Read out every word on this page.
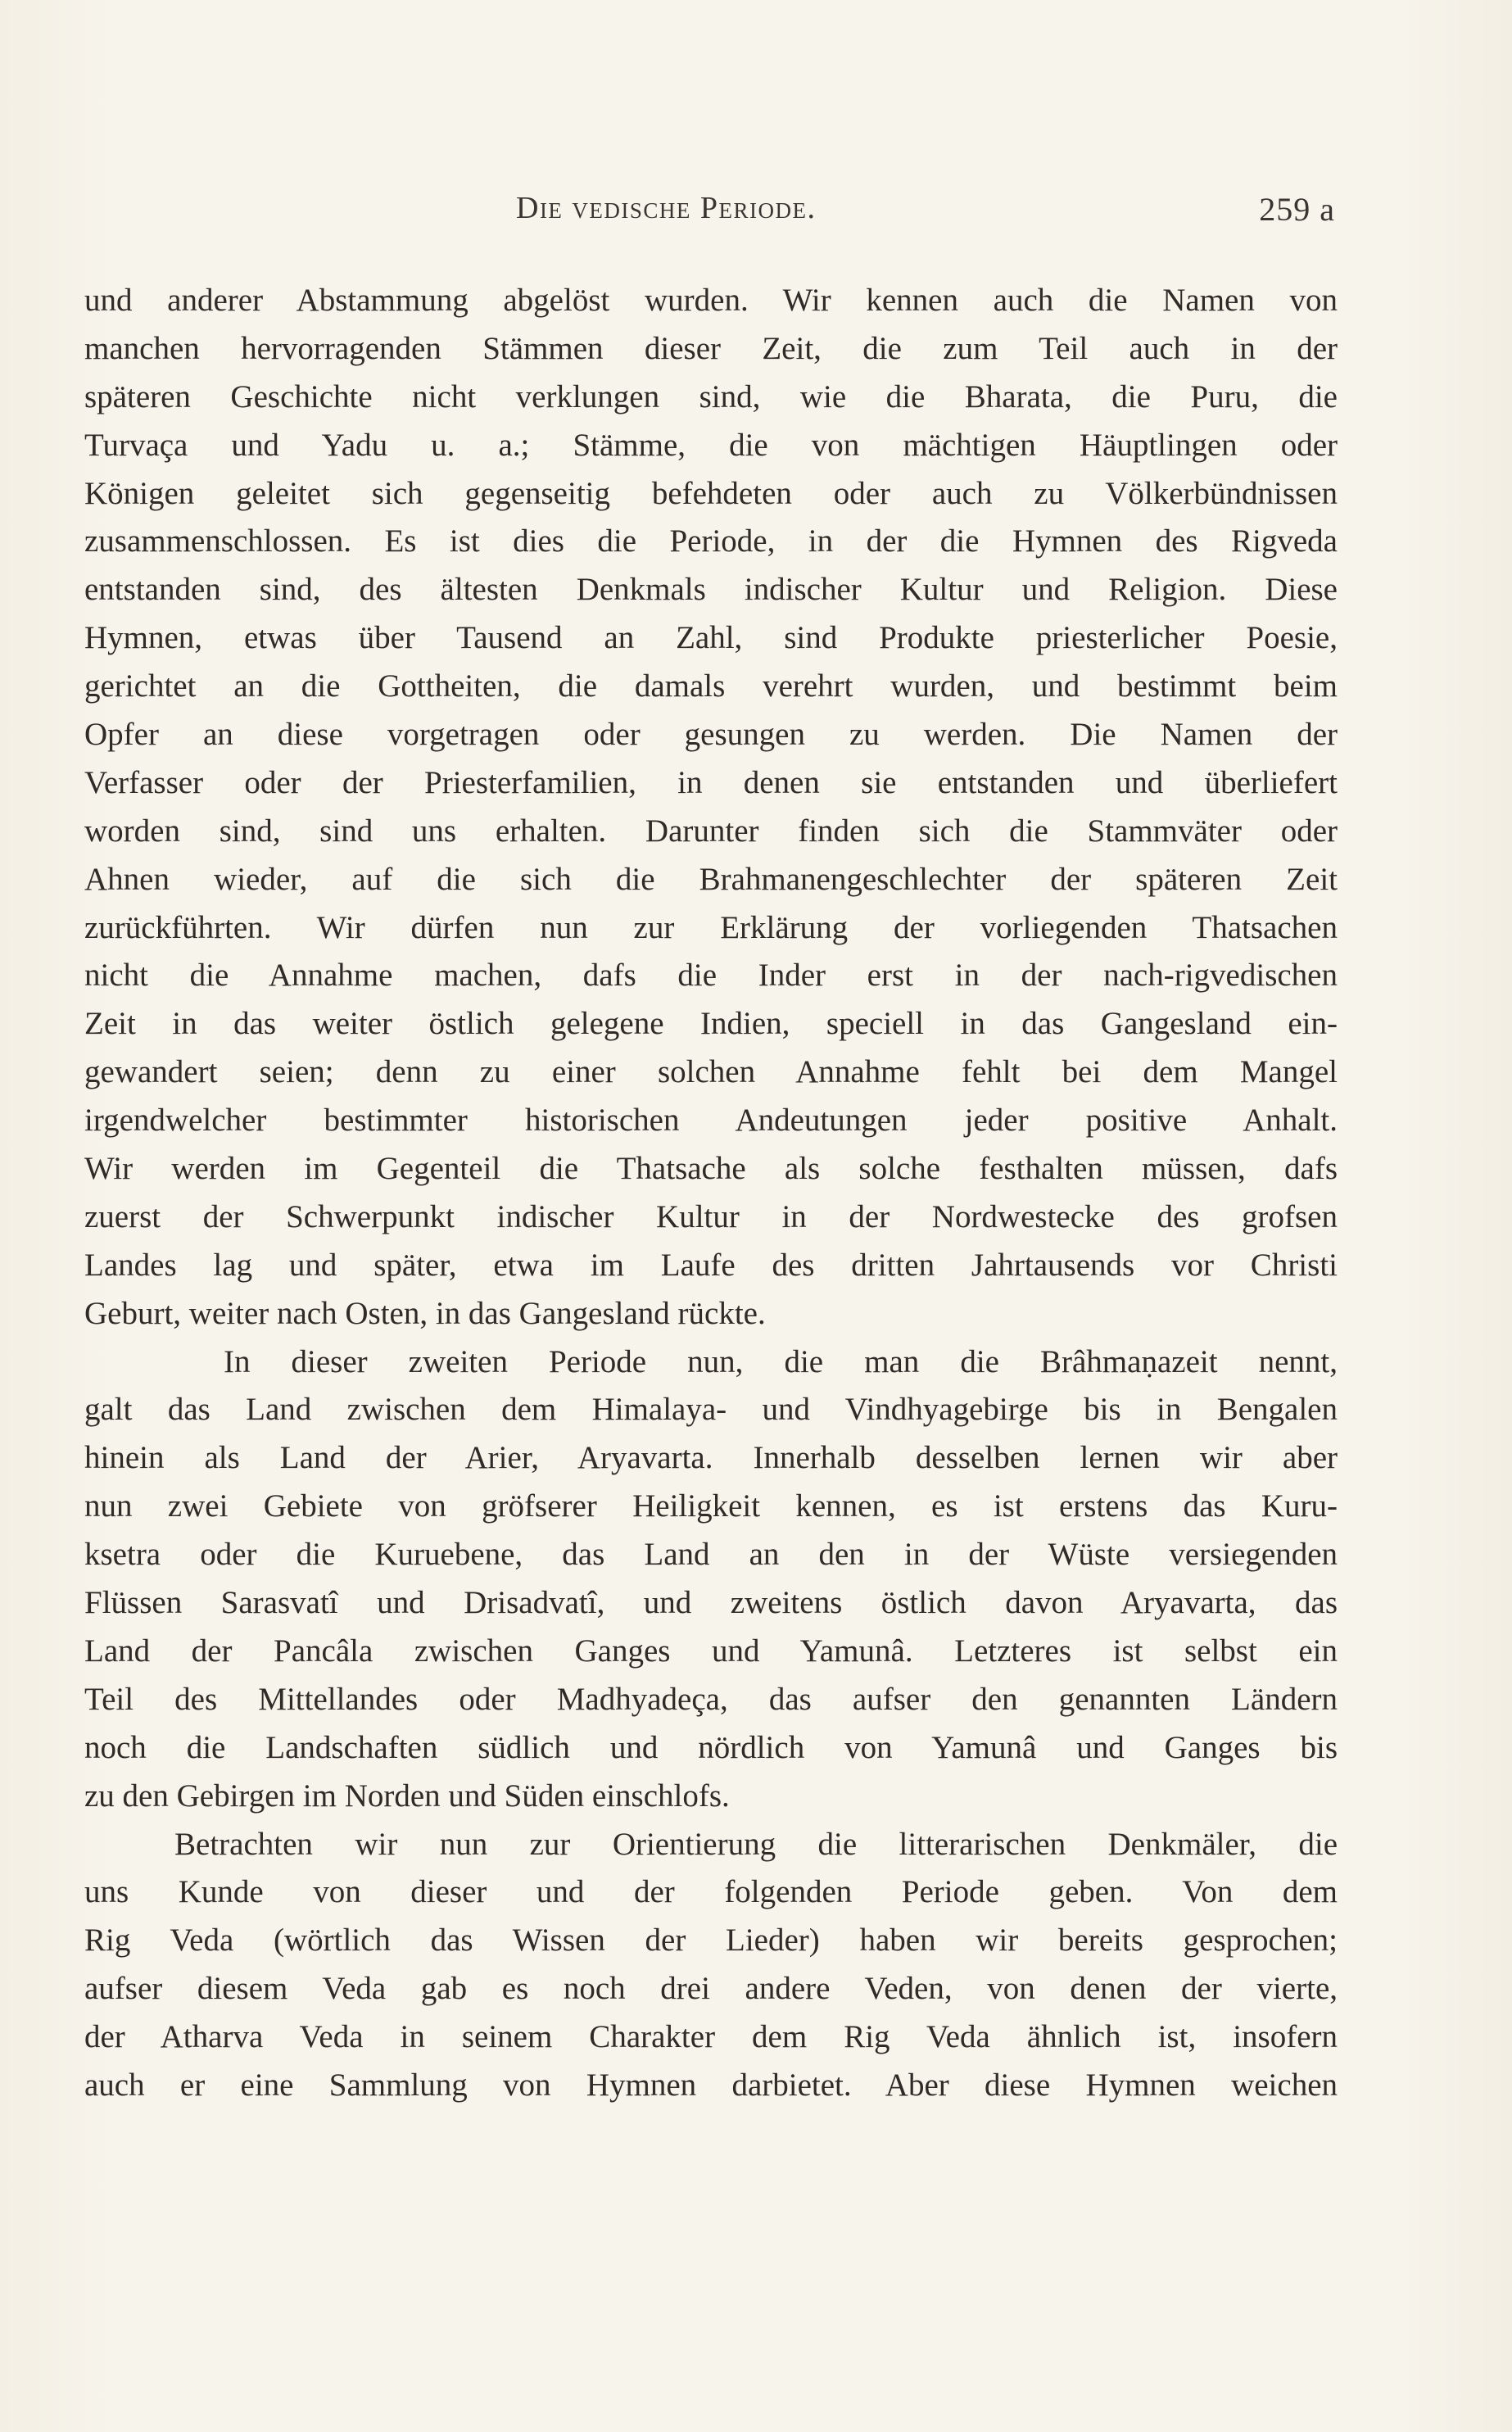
Die vedische Periode.	259 a
und anderer Abstammung abgelöst wurden. Wir kennen auch die Namen von
manchen hervorragenden Stämmen dieser Zeit, die zum Teil auch in der
späteren Geschichte nicht verklungen sind, wie die Bharata, die Puru, die
Turvaça und Yadu u. a.; Stämme, die von mächtigen Häuptlingen oder
Königen geleitet sich gegenseitig befehdeten oder auch zu Völkerbündnissen
zusammenschlossen. Es ist dies die Periode, in der die Hymnen des Rigveda
entstanden sind, des ältesten Denkmals indischer Kultur und Religion. Diese
Hymnen, etwas über Tausend an Zahl, sind Produkte priesterlicher Poesie,
gerichtet an die Gottheiten, die damals verehrt wurden, und bestimmt beim
Opfer an diese vorgetragen oder gesungen zu werden. Die Namen der
Verfasser oder der Priesterfamilien, in denen sie entstanden und überliefert
worden sind, sind uns erhalten. Darunter finden sich die Stammväter oder
Ahnen wieder, auf die sich die Brahmanengeschlechter der späteren Zeit
zurückführten. Wir dürfen nun zur Erklärung der vorliegenden Thatsachen
nicht die Annahme machen, dafs die Inder erst in der nach-rigvedischen
Zeit in das weiter östlich gelegene Indien, speciell in das Gangesland ein-
gewandert seien; denn zu einer solchen Annahme fehlt bei dem Mangel
irgendwelcher bestimmter historischen Andeutungen jeder positive Anhalt.
Wir werden im Gegenteil die Thatsache als solche festhalten müssen, dafs
zuerst der Schwerpunkt indischer Kultur in der Nordwestecke des grofsen
Landes lag und später, etwa im Laufe des dritten Jahrtausends vor Christi
Geburt, weiter nach Osten, in das Gangesland rückte.
In dieser zweiten Periode nun, die man die Brâhmaṇazeit nennt,
galt das Land zwischen dem Himalaya- und Vindhyagebirge bis in Bengalen
hinein als Land der Arier, Aryavarta. Innerhalb desselben lernen wir aber
nun zwei Gebiete von gröfserer Heiligkeit kennen, es ist erstens das Kuru-
ksetra oder die Kuruebene, das Land an den in der Wüste versiegenden
Flüssen Sarasvatî und Drisadvatî, und zweitens östlich davon Aryavarta, das
Land der Pancâla zwischen Ganges und Yamunâ. Letzteres ist selbst ein
Teil des Mittellandes oder Madhyadeça, das aufser den genannten Ländern
noch die Landschaften südlich und nördlich von Yamunâ und Ganges bis
zu den Gebirgen im Norden und Süden einschlofs.
Betrachten wir nun zur Orientierung die litterarischen Denkmäler, die
uns Kunde von dieser und der folgenden Periode geben. Von dem
Rig Veda (wörtlich das Wissen der Lieder) haben wir bereits gesprochen;
aufser diesem Veda gab es noch drei andere Veden, von denen der vierte,
der Atharva Veda in seinem Charakter dem Rig Veda ähnlich ist, insofern
auch er eine Sammlung von Hymnen darbietet. Aber diese Hymnen weichen
